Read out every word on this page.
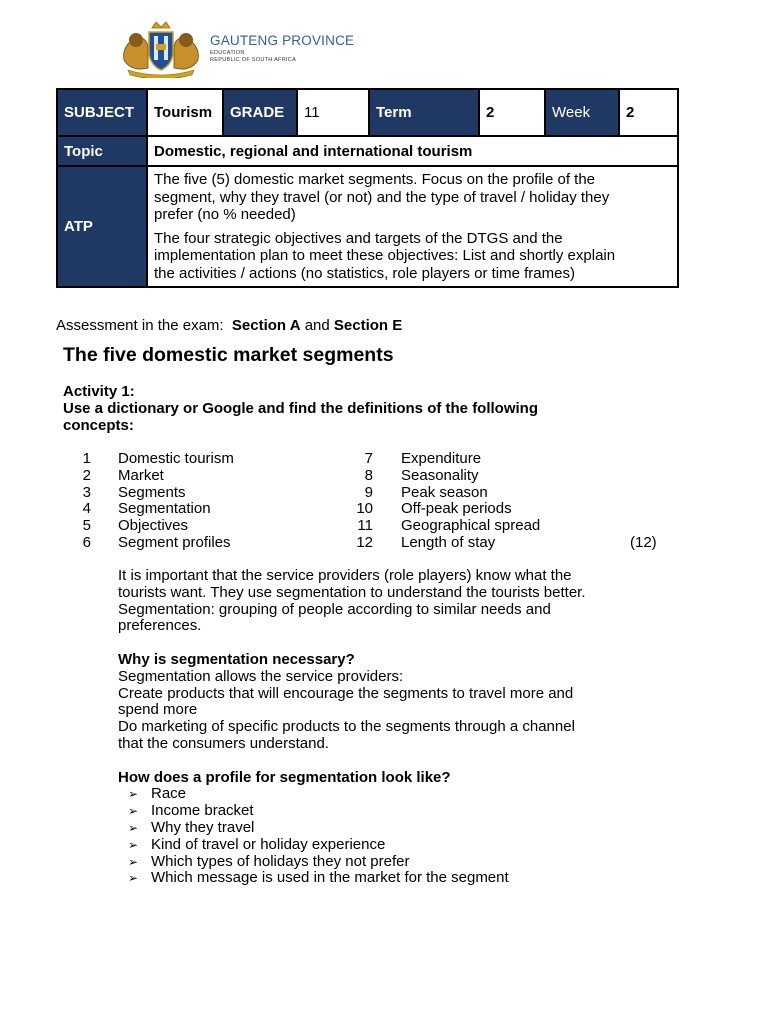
GAUTENG PROVINCE
EDUCATION
REPUBLIC OF SOUTH AFRICA
SUBJECT	Tourism	GRADE	11	Term	2	Week	2
Topic	Domestic, regional and international tourism						
ATP	The five (5) domestic market segments. Focus on the profile of the segment, why they travel (or not) and the type of travel / holiday they prefer (no % needed)

The four strategic objectives and targets of the DTGS and the implementation plan to meet these objectives: List and shortly explain the activities / actions (no statistics, role players or time frames)						

Assessment in the exam: Section A and Section E
The five domestic market segments
Activity 1:
Use a dictionary or Google and find the definitions of the following concepts:
1 Domestic tourism	7 Expenditure
2 Market	8 Seasonality
3 Segments	9 Peak season
4 Segmentation	10 Off-peak periods
5 Objectives	11 Geographical spread
6 Segment profiles	12 Length of stay	(12)

It is important that the service providers (role players) know what the

tourists want. They use segmentation to understand the tourists better.

Segmentation: grouping of people according to similar needs and

preferences.

Why is segmentation necessary?

Segmentation allows the service providers:

Create products that will encourage the segments to travel more and

spend more

Do marketing of specific products to the segments through a channel

that the consumers understand.

How does a profile for segmentation look like?

➢ Race
➢ Income bracket
➢ Why they travel
➢ Kind of travel or holiday experience
➢ Which types of holidays they not prefer
➢ Which message is used in the market for the segment
